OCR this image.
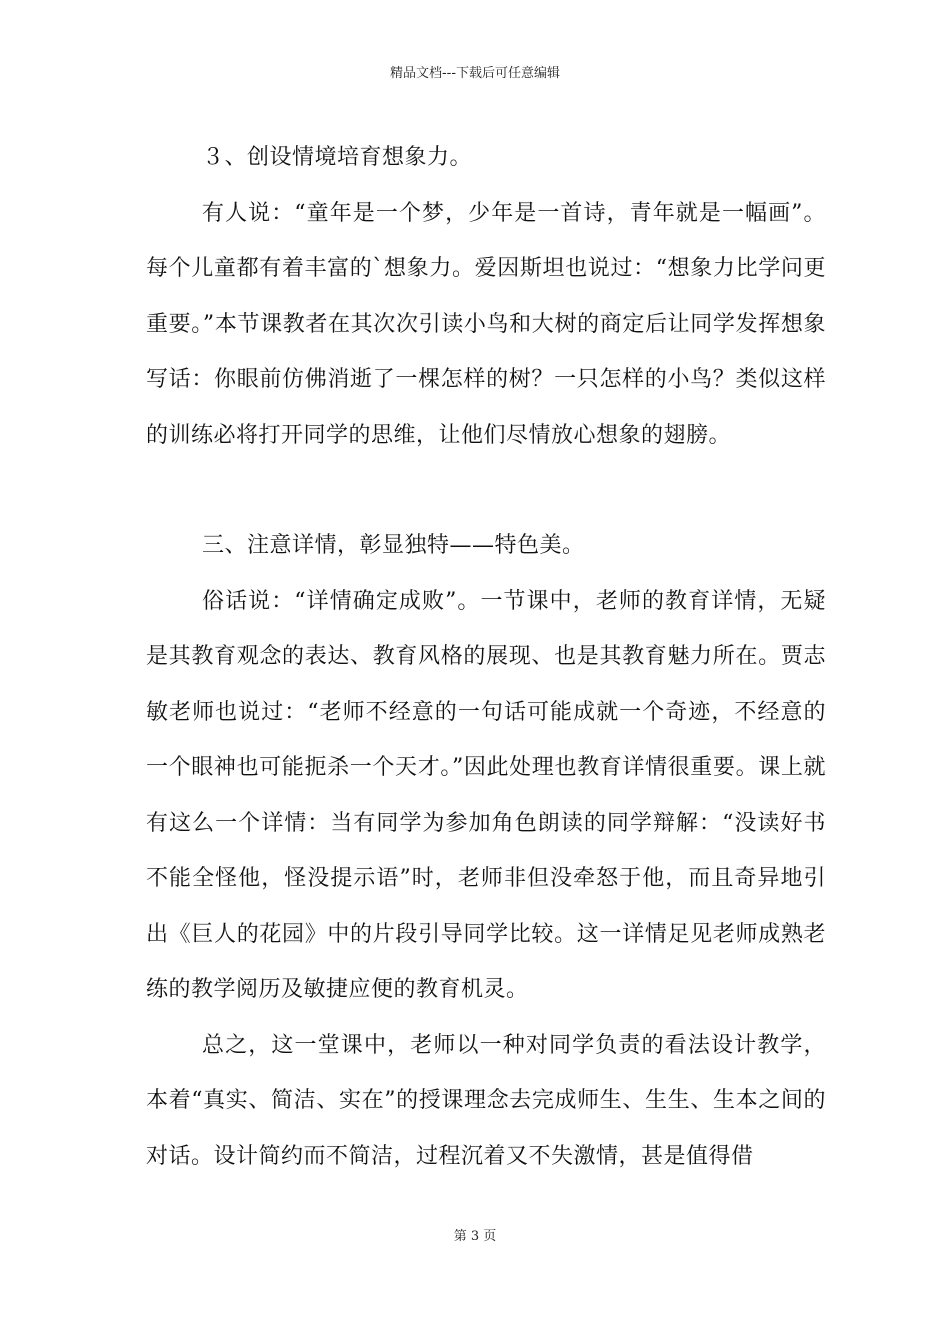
精品文档---下载后可任意编辑

３、创设情境培育想象力。

有人说：“童年是一个梦，少年是一首诗，青年就是一幅画”。每个儿童都有着丰富的`想象力。爱因斯坦也说过：“想象力比学问更重要。”本节课教者在其次次引读小鸟和大树的商定后让同学发挥想象写话：你眼前仿佛消逝了一棵怎样的树？一只怎样的小鸟？类似这样的训练必将打开同学的思维，让他们尽情放心想象的翅膀。

三、注意详情，彰显独特——特色美。

俗话说：“详情确定成败”。一节课中，老师的教育详情，无疑是其教育观念的表达、教育风格的展现、也是其教育魅力所在。贾志敏老师也说过：“老师不经意的一句话可能成就一个奇迹，不经意的一个眼神也可能扼杀一个天才。”因此处理也教育详情很重要。课上就有这么一个详情：当有同学为参加角色朗读的同学辩解：“没读好书不能全怪他，怪没提示语”时，老师非但没牵怒于他，而且奇异地引出《巨人的花园》中的片段引导同学比较。这一详情足见老师成熟老练的教学阅历及敏捷应便的教育机灵。

总之，这一堂课中，老师以一种对同学负责的看法设计教学，本着“真实、简洁、实在”的授课理念去完成师生、生生、生本之间的对话。设计简约而不简洁，过程沉着又不失激情，甚是值得借

第 3 页
